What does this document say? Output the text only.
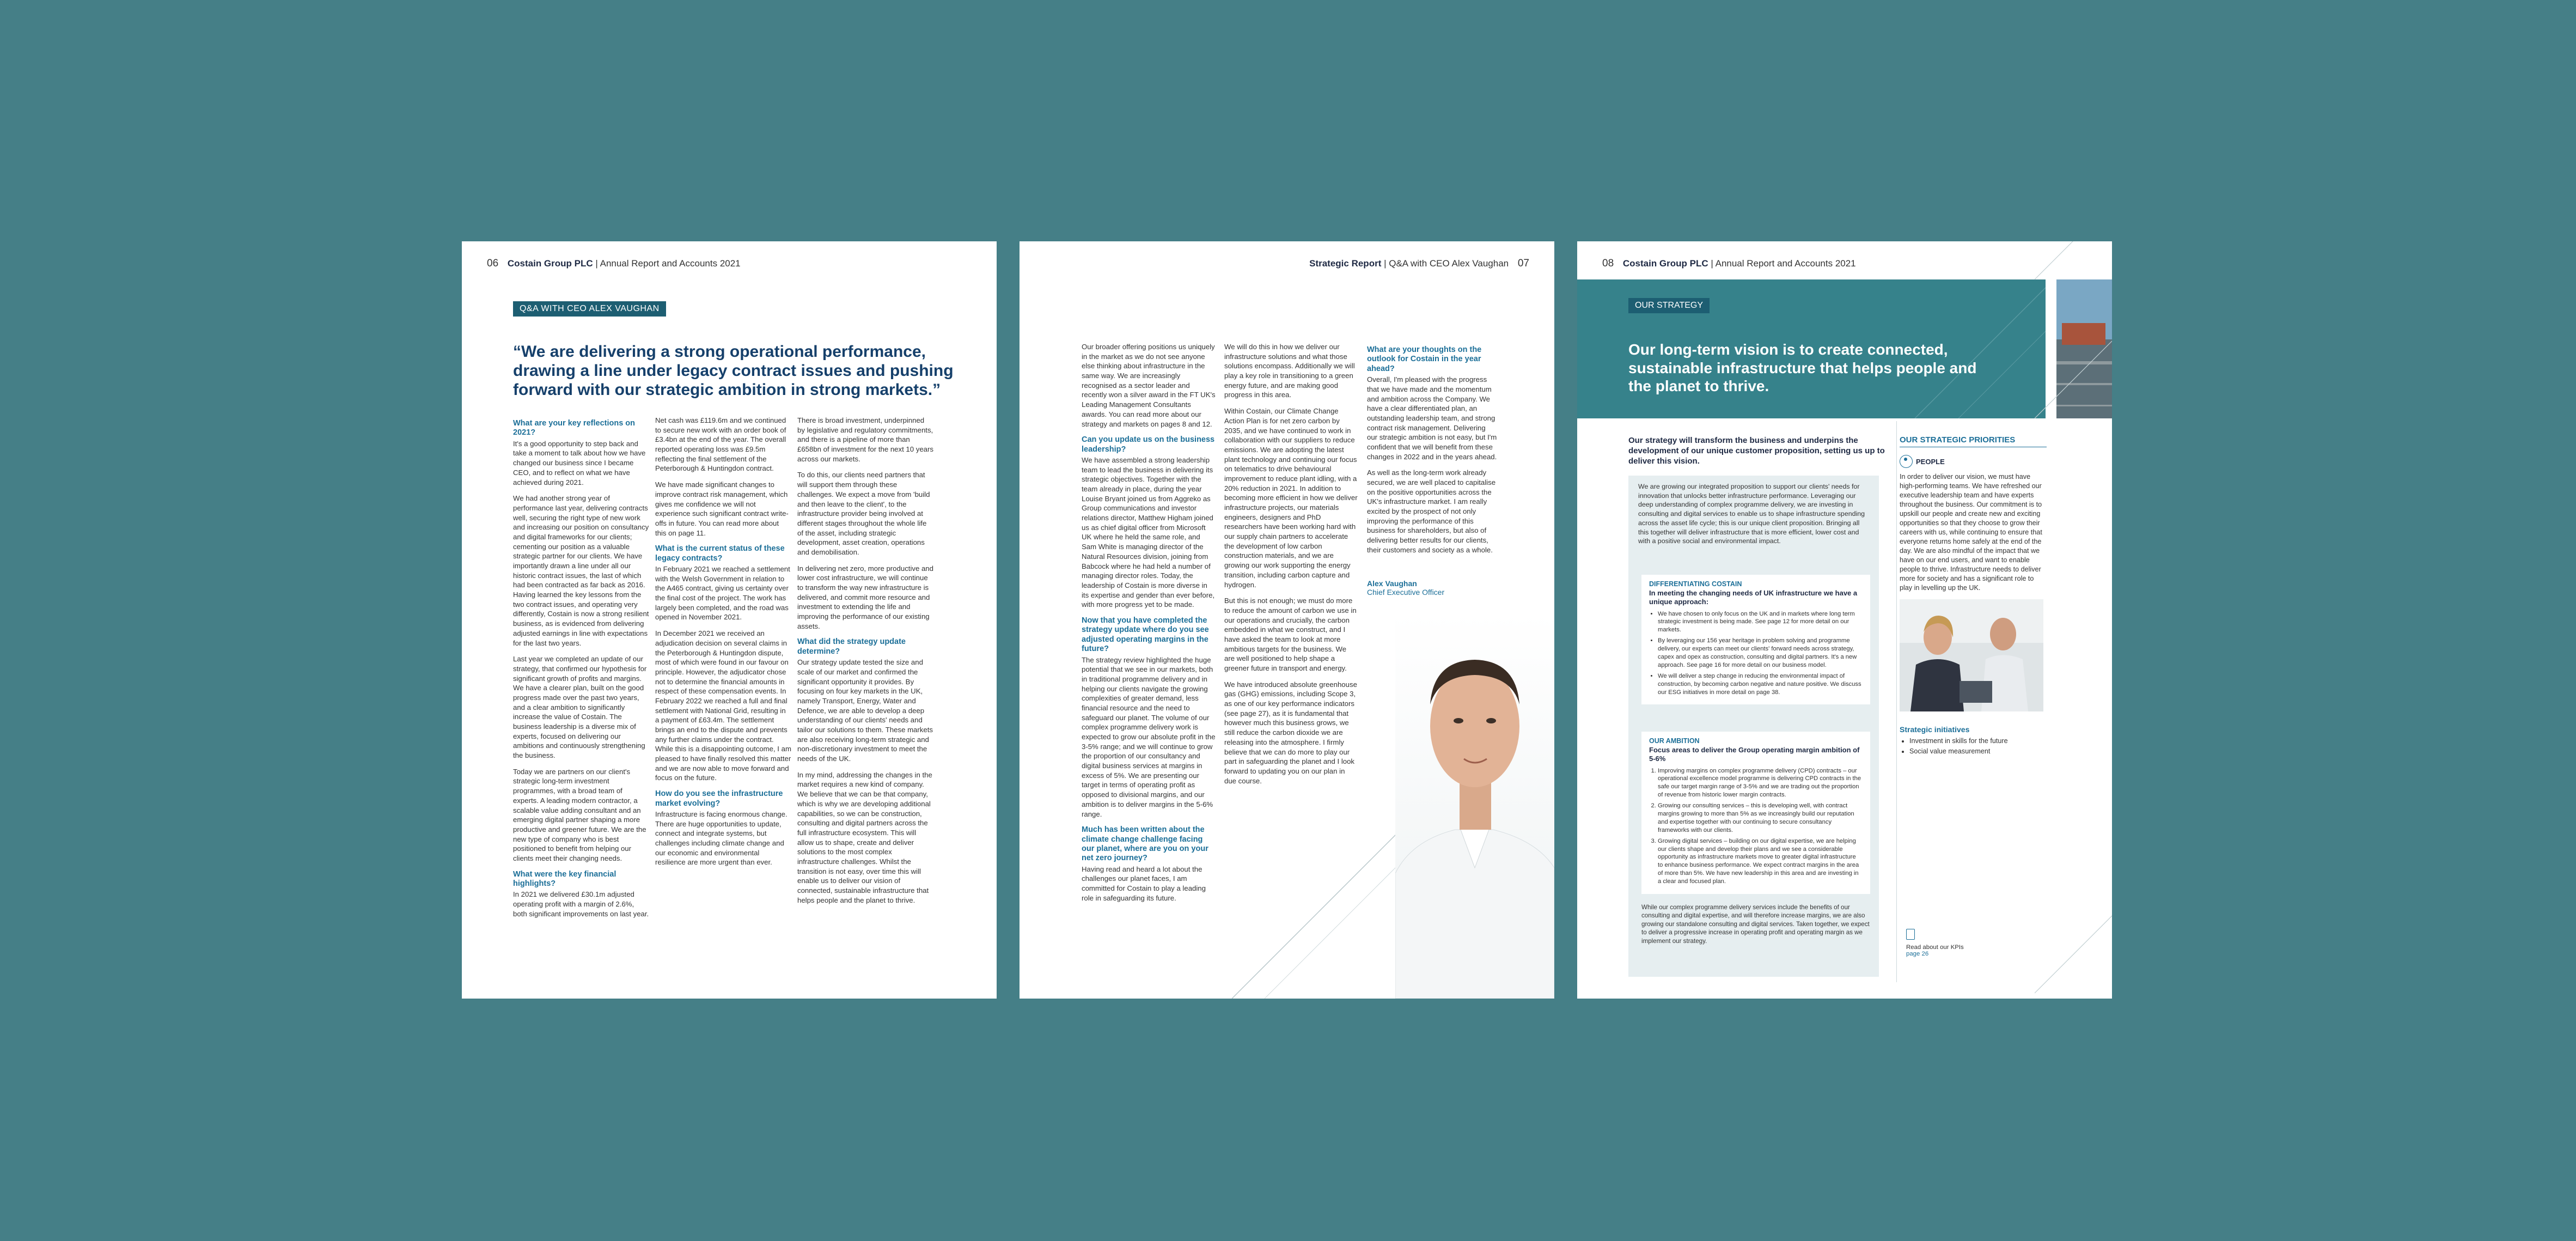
06 Costain Group PLC | Annual Report and Accounts 2021
Q&A WITH CEO ALEX VAUGHAN
“We are delivering a strong operational performance, drawing a line under legacy contract issues and pushing forward with our strategic ambition in strong markets.”
What are your key reflections on 2021?

It's a good opportunity to step back and take a moment to talk about how we have changed our business since I became CEO, and to reflect on what we have achieved during 2021.

We had another strong year of performance last year, delivering contracts well, securing the right type of new work and increasing our position on consultancy and digital frameworks for our clients; cementing our position as a valuable strategic partner for our clients. We have importantly drawn a line under all our historic contract issues, the last of which had been contracted as far back as 2016. Having learned the key lessons from the two contract issues, and operating very differently, Costain is now a strong resilient business, as is evidenced from delivering adjusted earnings in line with expectations for the last two years.

Last year we completed an update of our strategy, that confirmed our hypothesis for significant growth of profits and margins. We have a clearer plan, built on the good progress made over the past two years, and a clear ambition to significantly increase the value of Costain. The business leadership is a diverse mix of experts, focused on delivering our ambitions and continuously strengthening the business.

Today we are partners on our client's strategic long-term investment programmes, with a broad team of experts. A leading modern contractor, a scalable value adding consultant and an emerging digital partner shaping a more productive and greener future. We are the new type of company who is best positioned to benefit from helping our clients meet their changing needs.

What were the key financial highlights?

In 2021 we delivered £30.1m adjusted operating profit with a margin of 2.6%, both significant improvements on last year.

Net cash was £119.6m and we continued to secure new work with an order book of £3.4bn at the end of the year. The overall reported operating loss was £9.5m reflecting the final settlement of the Peterborough & Huntingdon contract.

We have made significant changes to improve contract risk management, which gives me confidence we will not experience such significant contract write-offs in future. You can read more about this on page 11.

What is the current status of these legacy contracts?

In February 2021 we reached a settlement with the Welsh Government in relation to the A465 contract, giving us certainty over the final cost of the project. The work has largely been completed, and the road was opened in November 2021.

In December 2021 we received an adjudication decision on several claims in the Peterborough & Huntingdon dispute, most of which were found in our favour on principle. However, the adjudicator chose not to determine the financial amounts in respect of these compensation events. In February 2022 we reached a full and final settlement with National Grid, resulting in a payment of £63.4m. The settlement brings an end to the dispute and prevents any further claims under the contract. While this is a disappointing outcome, I am pleased to have finally resolved this matter and we are now able to move forward and focus on the future.

How do you see the infrastructure market evolving?

Infrastructure is facing enormous change. There are huge opportunities to update, connect and integrate systems, but challenges including climate change and our economic and environmental resilience are more urgent than ever.

There is broad investment, underpinned by legislative and regulatory commitments, and there is a pipeline of more than £658bn of investment for the next 10 years across our markets.

To do this, our clients need partners that will support them through these challenges. We expect a move from 'build and then leave to the client', to the infrastructure provider being involved at different stages throughout the whole life of the asset, including strategic development, asset creation, operations and demobilisation.

In delivering net zero, more productive and lower cost infrastructure, we will continue to transform the way new infrastructure is delivered, and commit more resource and investment to extending the life and improving the performance of our existing assets.

What did the strategy update determine?

Our strategy update tested the size and scale of our market and confirmed the significant opportunity it provides. By focusing on four key markets in the UK, namely Transport, Energy, Water and Defence, we are able to develop a deep understanding of our clients' needs and tailor our solutions to them. These markets are also receiving long-term strategic and non-discretionary investment to meet the needs of the UK.

In my mind, addressing the changes in the market requires a new kind of company. We believe that we can be that company, which is why we are developing additional capabilities, so we can be construction, consulting and digital partners across the full infrastructure ecosystem. This will allow us to shape, create and deliver solutions to the most complex infrastructure challenges. Whilst the transition is not easy, over time this will enable us to deliver our vision of connected, sustainable infrastructure that helps people and the planet to thrive.

Strategic Report | Q&A with CEO Alex Vaughan 07

Our broader offering positions us uniquely in the market as we do not see anyone else thinking about infrastructure in the same way. We are increasingly recognised as a sector leader and recently won a silver award in the FT UK's Leading Management Consultants awards. You can read more about our strategy and markets on pages 8 and 12.

Can you update us on the business leadership?

We have assembled a strong leadership team to lead the business in delivering its strategic objectives. Together with the team already in place, during the year Louise Bryant joined us from Aggreko as Group communications and investor relations director, Matthew Higham joined us as chief digital officer from Microsoft UK where he held the same role, and Sam White is managing director of the Natural Resources division, joining from Babcock where he had held a number of managing director roles. Today, the leadership of Costain is more diverse in its expertise and gender than ever before, with more progress yet to be made.

Now that you have completed the strategy update where do you see adjusted operating margins in the future?

The strategy review highlighted the huge potential that we see in our markets, both in traditional programme delivery and in helping our clients navigate the growing complexities of greater demand, less financial resource and the need to safeguard our planet. The volume of our complex programme delivery work is expected to grow our absolute profit in the 3-5% range; and we will continue to grow the proportion of our consultancy and digital business services at margins in excess of 5%. We are presenting our target in terms of operating profit as opposed to divisional margins, and our ambition is to deliver margins in the 5-6% range.

Much has been written about the climate change challenge facing our planet, where are you on your net zero journey?

Having read and heard a lot about the challenges our planet faces, I am committed for Costain to play a leading role in safeguarding its future.

We will do this in how we deliver our infrastructure solutions and what those solutions encompass. Additionally we will play a key role in transitioning to a green energy future, and are making good progress in this area.

Within Costain, our Climate Change Action Plan is for net zero carbon by 2035, and we have continued to work in collaboration with our suppliers to reduce emissions. We are adopting the latest plant technology and continuing our focus on telematics to drive behavioural improvement to reduce plant idling, with a 20% reduction in 2021. In addition to becoming more efficient in how we deliver infrastructure projects, our materials engineers, designers and PhD researchers have been working hard with our supply chain partners to accelerate the development of low carbon construction materials, and we are growing our work supporting the energy transition, including carbon capture and hydrogen.

But this is not enough; we must do more to reduce the amount of carbon we use in our operations and crucially, the carbon embedded in what we construct, and I have asked the team to look at more ambitious targets for the business. We are well positioned to help shape a greener future in transport and energy.

We have introduced absolute greenhouse gas (GHG) emissions, including Scope 3, as one of our key performance indicators (see page 27), as it is fundamental that however much this business grows, we still reduce the carbon dioxide we are releasing into the atmosphere. I firmly believe that we can do more to play our part in safeguarding the planet and I look forward to updating you on our plan in due course.

What are your thoughts on the outlook for Costain in the year ahead?

Overall, I'm pleased with the progress that we have made and the momentum and ambition across the Company. We have a clear differentiated plan, an outstanding leadership team, and strong contract risk management. Delivering our strategic ambition is not easy, but I'm confident that we will benefit from these changes in 2022 and in the years ahead.

As well as the long-term work already secured, we are well placed to capitalise on the positive opportunities across the UK's infrastructure market. I am really excited by the prospect of not only improving the performance of this business for shareholders, but also of delivering better results for our clients, their customers and society as a whole.

Alex Vaughan
Chief Executive Officer
08 Costain Group PLC | Annual Report and Accounts 2021
OUR STRATEGY
Our long-term vision is to create connected, sustainable infrastructure that helps people and the planet to thrive.
Our strategy will transform the business and underpins the development of our unique customer proposition, setting us up to deliver this vision.
We are growing our integrated proposition to support our clients' needs for innovation that unlocks better infrastructure performance. Leveraging our deep understanding of complex programme delivery, we are investing in consulting and digital services to enable us to shape infrastructure spending across the asset life cycle; this is our unique client proposition. Bringing all this together will deliver infrastructure that is more efficient, lower cost and with a positive social and environmental impact.
DIFFERENTIATING COSTAIN
In meeting the changing needs of UK infrastructure we have a unique approach:
• We have chosen to only focus on the UK and in markets where long term strategic investment is being made. See page 12 for more detail on our markets.
• By leveraging our 156 year heritage in problem solving and programme delivery, our experts can meet our clients' forward needs across strategy, capex and opex as construction, consulting and digital partners. It's a new approach. See page 16 for more detail on our business model.
• We will deliver a step change in reducing the environmental impact of construction, by becoming carbon negative and nature positive. We discuss our ESG initiatives in more detail on page 38.
OUR AMBITION
Focus areas to deliver the Group operating margin ambition of 5-6%
1. Improving margins on complex programme delivery (CPD) contracts – our operational excellence model programme is delivering CPD contracts in the safe our target margin range of 3-5% and we are trading out the proportion of revenue from historic lower margin contracts.
2. Growing our consulting services – this is developing well, with contract margins growing to more than 5% as we increasingly build our reputation and expertise together with our continuing to secure consultancy frameworks with our clients.
3. Growing digital services – building on our digital expertise, we are helping our clients shape and develop their plans and we see a considerable opportunity as infrastructure markets move to greater digital infrastructure to enhance business performance. We expect contract margins in the area of more than 5%. We have new leadership in this area and are investing in a clear and focused plan.
While our complex programme delivery services include the benefits of our consulting and digital expertise, and will therefore increase margins, we are also growing our standalone consulting and digital services. Taken together, we expect to deliver a progressive increase in operating profit and operating margin as we implement our strategy.
OUR STRATEGIC PRIORITIES
PEOPLE
In order to deliver our vision, we must have high-performing teams. We have refreshed our executive leadership team and have experts throughout the business. Our commitment is to upskill our people and create new and exciting opportunities so that they choose to grow their careers with us, while continuing to ensure that everyone returns home safely at the end of the day. We are also mindful of the impact that we have on our end users, and want to enable people to thrive. Infrastructure needs to deliver more for society and has a significant role to play in levelling up the UK.
Strategic initiatives
• Investment in skills for the future
• Social value measurement
Read about our KPIs
page 26
